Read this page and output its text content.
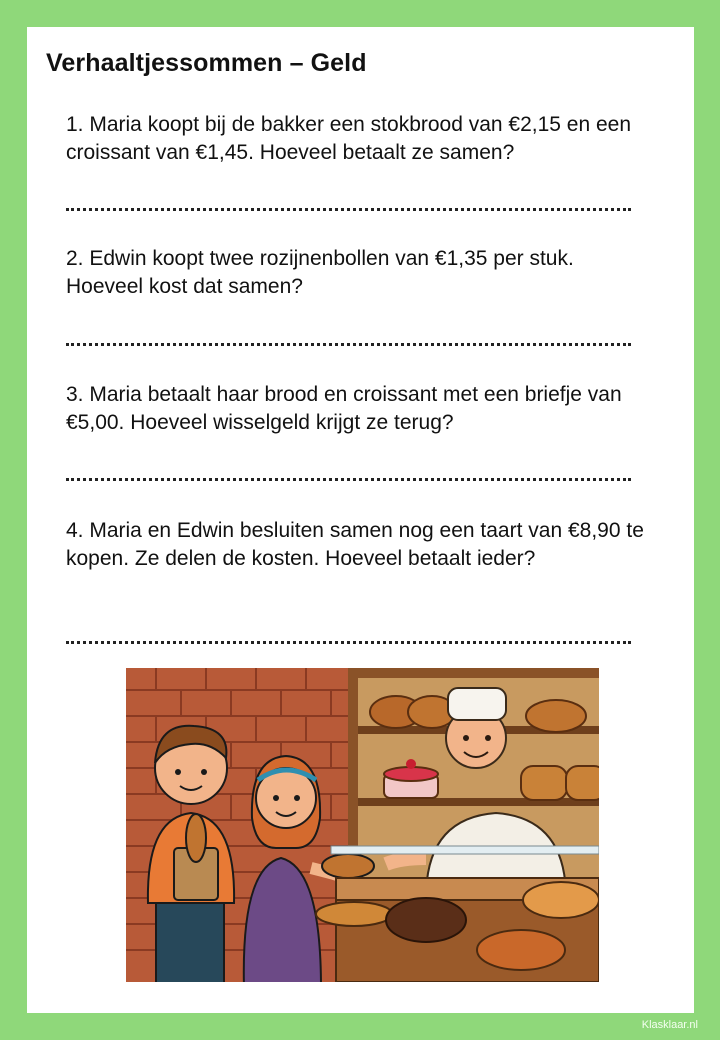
Verhaaltjessommen – Geld
1. Maria koopt bij de bakker een stokbrood van €2,15 en een croissant van €1,45. Hoeveel betaalt ze samen?
2. Edwin koopt twee rozijnenbollen van €1,35 per stuk. Hoeveel kost dat samen?
3. Maria betaalt haar brood en croissant met een briefje van €5,00. Hoeveel wisselgeld krijgt ze terug?
4. Maria en Edwin besluiten samen nog een taart van €8,90 te kopen. Ze delen de kosten. Hoeveel betaalt ieder?
Klasklaar.nl
